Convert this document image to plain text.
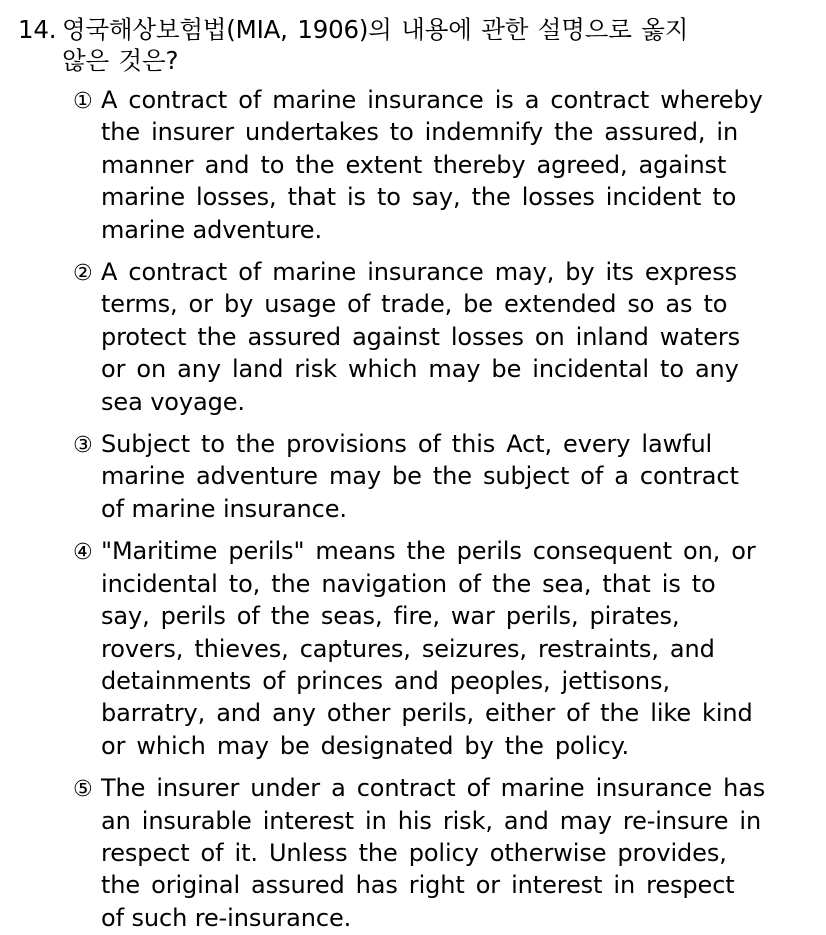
14. 영국해상보험법(MIA, 1906)의 내용에 관한 설명으로 옳지
않은 것은?
① A contract of marine insurance is a contract whereby
the insurer undertakes to indemnify the assured, in
manner and to the extent thereby agreed, against
marine losses, that is to say, the losses incident to
marine adventure.
② A contract of marine insurance may, by its express
terms, or by usage of trade, be extended so as to
protect the assured against losses on inland waters
or on any land risk which may be incidental to any
sea voyage.
③ Subject to the provisions of this Act, every lawful
marine adventure may be the subject of a contract
of marine insurance.
④ "Maritime perils" means the perils consequent on, or
incidental to, the navigation of the sea, that is to
say, perils of the seas, fire, war perils, pirates,
rovers, thieves, captures, seizures, restraints, and
detainments of princes and peoples, jettisons,
barratry, and any other perils, either of the like kind
or which may be designated by the policy.
⑤ The insurer under a contract of marine insurance has
an insurable interest in his risk, and may re-insure in
respect of it. Unless the policy otherwise provides,
the original assured has right or interest in respect
of such re-insurance.
